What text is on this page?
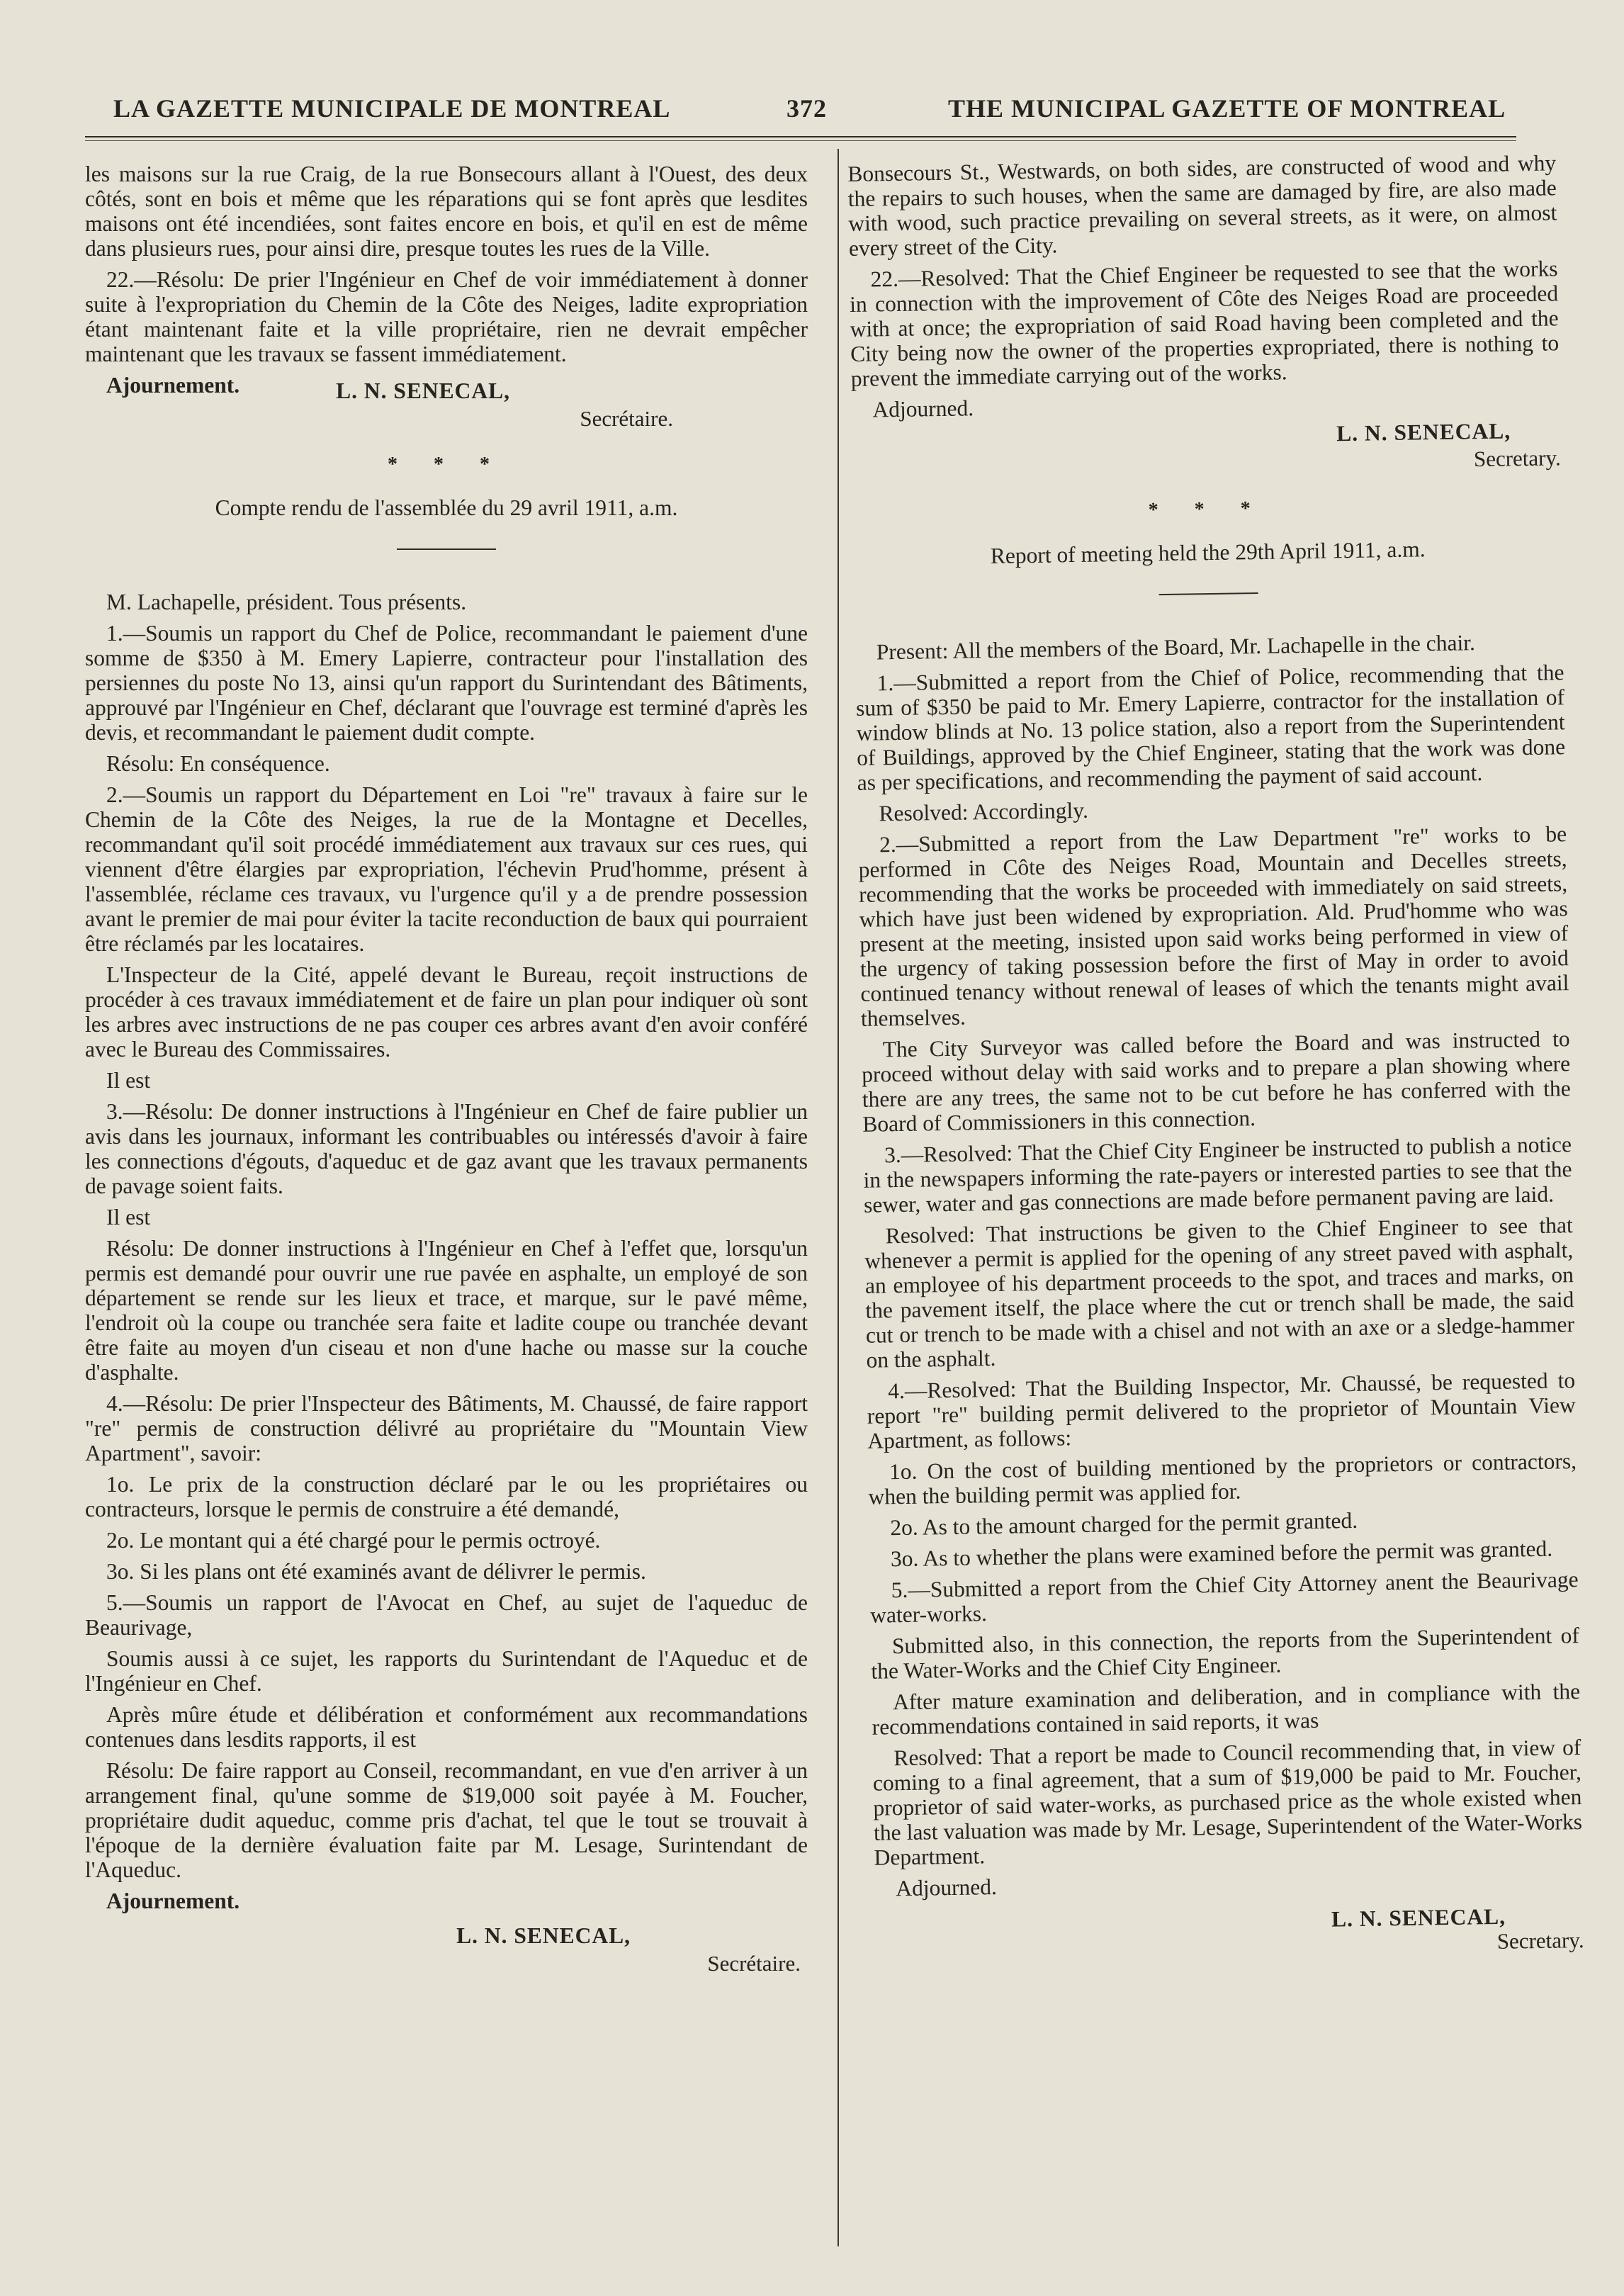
LA GAZETTE MUNICIPALE DE MONTREAL	372	THE MUNICIPAL GAZETTE OF MONTREAL

les maisons sur la rue Craig, de la rue Bonsecours allant à l'Ouest, des deux côtés, sont en bois et même que les réparations qui se font après que lesdites maisons ont été incendiées, sont faites encore en bois, et qu'il en est de même dans plusieurs rues, pour ainsi dire, presque toutes les rues de la Ville.

22.—Résolu: De prier l'Ingénieur en Chef de voir immédiatement à donner suite à l'expropriation du Chemin de la Côte des Neiges, ladite expropriation étant maintenant faite et la ville propriétaire, rien ne devrait empêcher maintenant que les travaux se fassent immédiatement.

Ajournement.	L. N. SENECAL,
Secrétaire.
* * *
Compte rendu de l'assemblée du 29 avril 1911, a.m.

M. Lachapelle, président. Tous présents.

1.—Soumis un rapport du Chef de Police, recommandant le paiement d'une somme de $350 à M. Emery Lapierre, contracteur pour l'installation des persiennes du poste No 13, ainsi qu'un rapport du Surintendant des Bâtiments, approuvé par l'Ingénieur en Chef, déclarant que l'ouvrage est terminé d'après les devis, et recommandant le paiement dudit compte.

Résolu: En conséquence.

2.—Soumis un rapport du Département en Loi "re" travaux à faire sur le Chemin de la Côte des Neiges, la rue de la Montagne et Decelles, recommandant qu'il soit procédé immédiatement aux travaux sur ces rues, qui viennent d'être élargies par expropriation, l'échevin Prud'homme, présent à l'assemblée, réclame ces travaux, vu l'urgence qu'il y a de prendre possession avant le premier de mai pour éviter la tacite reconduction de baux qui pourraient être réclamés par les locataires.

L'Inspecteur de la Cité, appelé devant le Bureau, reçoit instructions de procéder à ces travaux immédiatement et de faire un plan pour indiquer où sont les arbres avec instructions de ne pas couper ces arbres avant d'en avoir conféré avec le Bureau des Commissaires.

Il est

3.—Résolu: De donner instructions à l'Ingénieur en Chef de faire publier un avis dans les journaux, informant les contribuables ou intéressés d'avoir à faire les connections d'égouts, d'aqueduc et de gaz avant que les travaux permanents de pavage soient faits.

Il est

Résolu: De donner instructions à l'Ingénieur en Chef à l'effet que, lorsqu'un permis est demandé pour ouvrir une rue pavée en asphalte, un employé de son département se rende sur les lieux et trace, et marque, sur le pavé même, l'endroit où la coupe ou tranchée sera faite et ladite coupe ou tranchée devant être faite au moyen d'un ciseau et non d'une hache ou masse sur la couche d'asphalte.

4.—Résolu: De prier l'Inspecteur des Bâtiments, M. Chaussé, de faire rapport "re" permis de construction délivré au propriétaire du "Mountain View Apartment", savoir:

1o. Le prix de la construction déclaré par le ou les propriétaires ou contracteurs, lorsque le permis de construire a été demandé,

2o. Le montant qui a été chargé pour le permis octroyé.

3o. Si les plans ont été examinés avant de délivrer le permis.

5.—Soumis un rapport de l'Avocat en Chef, au sujet de l'aqueduc de Beaurivage,

Soumis aussi à ce sujet, les rapports du Surintendant de l'Aqueduc et de l'Ingénieur en Chef.

Après mûre étude et délibération et conformément aux recommandations contenues dans lesdits rapports, il est

Résolu: De faire rapport au Conseil, recommandant, en vue d'en arriver à un arrangement final, qu'une somme de $19,000 soit payée à M. Foucher, propriétaire dudit aqueduc, comme pris d'achat, tel que le tout se trouvait à l'époque de la dernière évaluation faite par M. Lesage, Surintendant de l'Aqueduc.

Ajournement.

L. N. SENECAL,
Secrétaire.

Bonsecours St., Westwards, on both sides, are constructed of wood and why the repairs to such houses, when the same are damaged by fire, are also made with wood, such practice prevailing on several streets, as it were, on almost every street of the City.

22.—Resolved: That the Chief Engineer be requested to see that the works in connection with the improvement of Côte des Neiges Road are proceeded with at once; the expropriation of said Road having been completed and the City being now the owner of the properties expropriated, there is nothing to prevent the immediate carrying out of the works.

Adjourned.

L. N. SENECAL,
Secretary.
* * *
Report of meeting held the 29th April 1911, a.m.

Present: All the members of the Board, Mr. Lachapelle in the chair.

1.—Submitted a report from the Chief of Police, recommending that the sum of $350 be paid to Mr. Emery Lapierre, contractor for the installation of window blinds at No. 13 police station, also a report from the Superintendent of Buildings, approved by the Chief Engineer, stating that the work was done as per specifications, and recommending the payment of said account.

Resolved: Accordingly.

2.—Submitted a report from the Law Department "re" works to be performed in Côte des Neiges Road, Mountain and Decelles streets, recommending that the works be proceeded with immediately on said streets, which have just been widened by expropriation. Ald. Prud'homme who was present at the meeting, insisted upon said works being performed in view of the urgency of taking possession before the first of May in order to avoid continued tenancy without renewal of leases of which the tenants might avail themselves.

The City Surveyor was called before the Board and was instructed to proceed without delay with said works and to prepare a plan showing where there are any trees, the same not to be cut before he has conferred with the Board of Commissioners in this connection.

3.—Resolved: That the Chief City Engineer be instructed to publish a notice in the newspapers informing the rate-payers or interested parties to see that the sewer, water and gas connections are made before permanent paving are laid.

Resolved: That instructions be given to the Chief Engineer to see that whenever a permit is applied for the opening of any street paved with asphalt, an employee of his department proceeds to the spot, and traces and marks, on the pavement itself, the place where the cut or trench shall be made, the said cut or trench to be made with a chisel and not with an axe or a sledge-hammer on the asphalt.

4.—Resolved: That the Building Inspector, Mr. Chaussé, be requested to report "re" building permit delivered to the proprietor of Mountain View Apartment, as follows:

1o. On the cost of building mentioned by the proprietors or contractors, when the building permit was applied for.

2o. As to the amount charged for the permit granted.

3o. As to whether the plans were examined before the permit was granted.

5.—Submitted a report from the Chief City Attorney anent the Beaurivage water-works.

Submitted also, in this connection, the reports from the Superintendent of the Water-Works and the Chief City Engineer.

After mature examination and deliberation, and in compliance with the recommendations contained in said reports, it was

Resolved: That a report be made to Council recommending that, in view of coming to a final agreement, that a sum of $19,000 be paid to Mr. Foucher, proprietor of said water-works, as purchased price as the whole existed when the last valuation was made by Mr. Lesage, Superintendent of the Water-Works Department.

Adjourned.

L. N. SENECAL,
Secretary.
